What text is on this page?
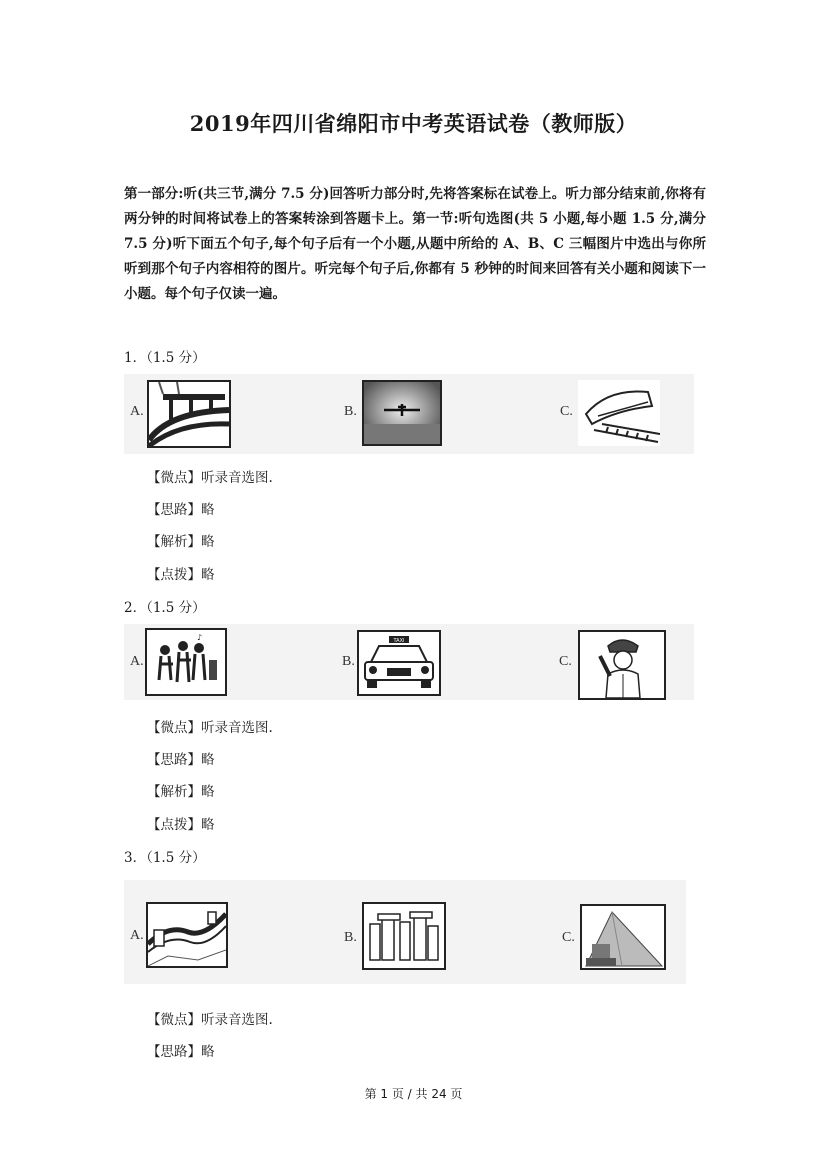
2019年四川省绵阳市中考英语试卷（教师版）
第一部分:听(共三节,满分 7.5 分)回答听力部分时,先将答案标在试卷上。听力部分结束前,你将有两分钟的时间将试卷上的答案转涂到答题卡上。第一节:听句选图(共 5 小题,每小题 1.5 分,满分 7.5 分)听下面五个句子,每个句子后有一个小题,从题中所给的 A、B、C 三幅图片中选出与你所听到那个句子内容相符的图片。听完每个句子后,你都有 5 秒钟的时间来回答有关小题和阅读下一小题。每个句子仅读一遍。
1．（1.5 分）
A.	B.	C.
【微点】听录音选图.
【思路】略
【解析】略
【点拨】略
2．（1.5 分）
A.
♪
B.
TAXI
C.
【微点】听录音选图.
【思路】略
【解析】略
【点拨】略
3．（1.5 分）
A.	B.	C.
【微点】听录音选图.
【思路】略
第 1 页 / 共 24 页
